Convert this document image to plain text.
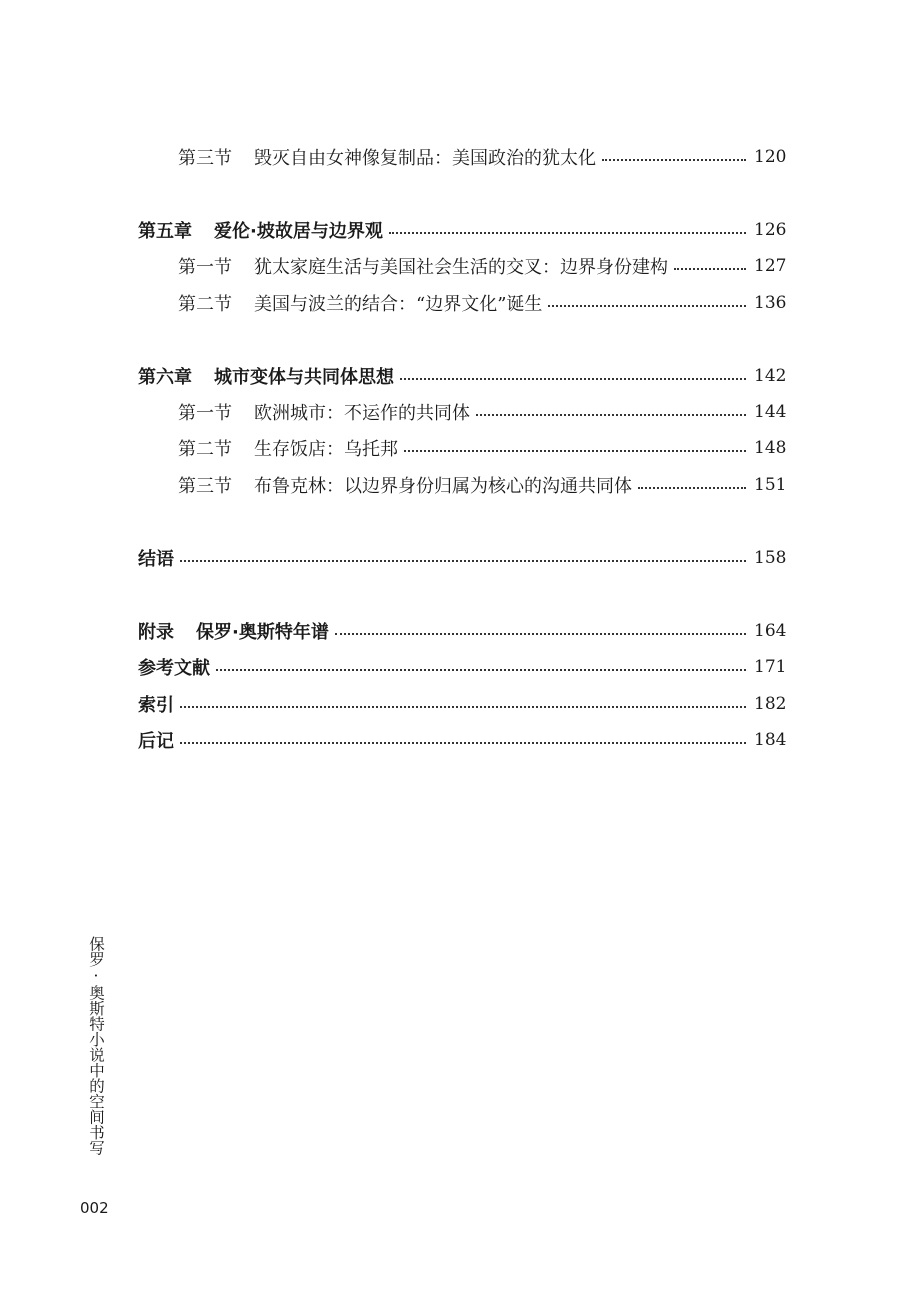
第三节 毁灭自由女神像复制品：美国政治的犹太化	120
第五章 爱伦·坡故居与边界观	126
第一节 犹太家庭生活与美国社会生活的交叉：边界身份建构	127
第二节 美国与波兰的结合：“边界文化”诞生	136
第六章 城市变体与共同体思想	142
第一节 欧洲城市：不运作的共同体	144
第二节 生存饭店：乌托邦	148
第三节 布鲁克林：以边界身份归属为核心的沟通共同体	151
结语	158
附录 保罗·奥斯特年谱	164
参考文献	171
索引	182
后记	184
保罗·奥斯特小说中的空间书写
002
